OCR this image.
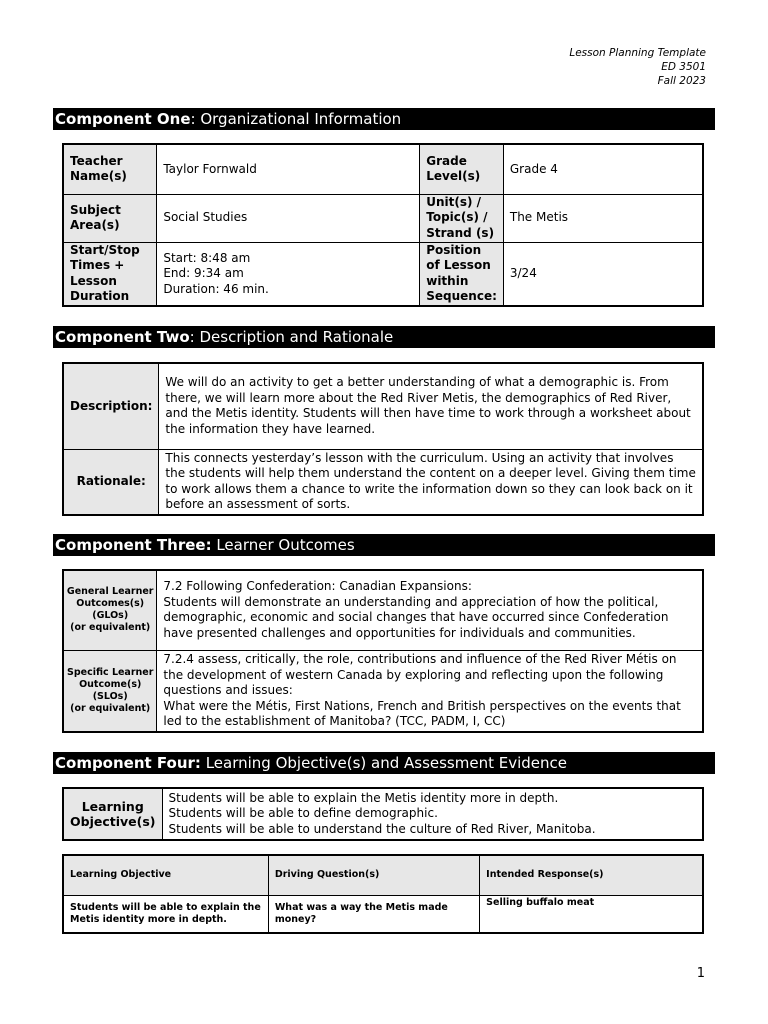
Lesson Planning Template
ED 3501
Fall 2023
Component One: Organizational Information
Teacher Name(s)	Taylor Fornwald	Grade Level(s)	Grade 4
Subject Area(s)	Social Studies	Unit(s) / Topic(s) / Strand (s)	The Metis
Start/Stop Times + Lesson Duration	Start: 8:48 am
End: 9:34 am
Duration: 46 min.	Position of Lesson within Sequence:	3/24
Component Two: Description and Rationale
Description:	We will do an activity to get a better understanding of what a demographic is. From there, we will learn more about the Red River Metis, the demographics of Red River, and the Metis identity. Students will then have time to work through a worksheet about the information they have learned.
Rationale:	This connects yesterday’s lesson with the curriculum. Using an activity that involves the students will help them understand the content on a deeper level. Giving them time to work allows them a chance to write the information down so they can look back on it before an assessment of sorts.
Component Three: Learner Outcomes
General Learner Outcomes(s) (GLOs)
(or equivalent)	7.2 Following Confederation: Canadian Expansions:
Students will demonstrate an understanding and appreciation of how the political, demographic, economic and social changes that have occurred since Confederation have presented challenges and opportunities for individuals and communities.
Specific Learner Outcome(s) (SLOs)
(or equivalent)	7.2.4 assess, critically, the role, contributions and influence of the Red River Métis on the development of western Canada by exploring and reflecting upon the following questions and issues:
What were the Métis, First Nations, French and British perspectives on the events that led to the establishment of Manitoba? (TCC, PADM, I, CC)
Component Four: Learning Objective(s) and Assessment Evidence
Learning Objective(s)	Students will be able to explain the Metis identity more in depth.
Students will be able to define demographic.
Students will be able to understand the culture of Red River, Manitoba.
Learning Objective	Driving Question(s)	Intended Response(s)
Students will be able to explain the Metis identity more in depth.	What was a way the Metis made money?	Selling buffalo meat
1
